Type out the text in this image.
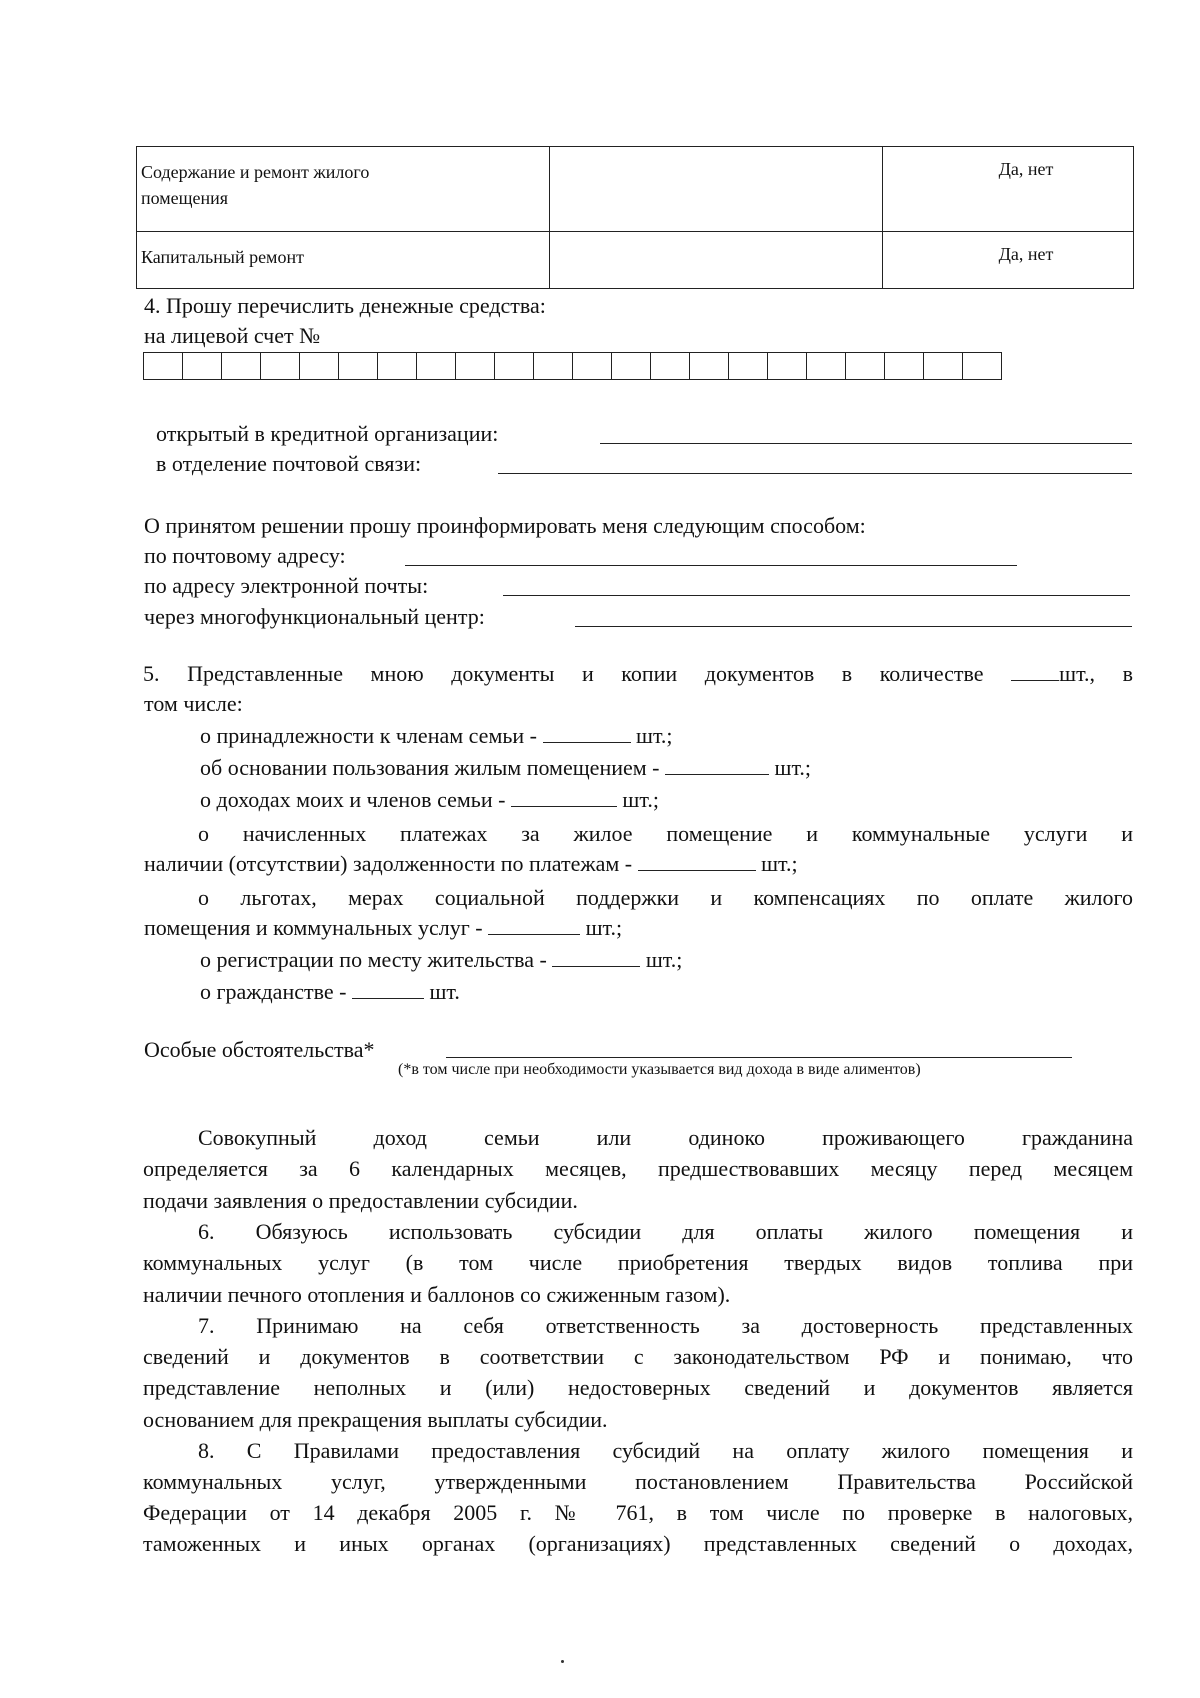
Содержание и ремонт жилого
помещения		Да, нет
Капитальный ремонт		Да, нет
4. Прошу перечислить денежные средства:
на лицевой счет №
открытый в кредитной организации:
в отделение почтовой связи:
О принятом решении прошу проинформировать меня следующим способом:
по почтовому адресу:
по адресу электронной почты:
через многофункциональный центр:
5. Представленные мною документы и копии документов в количестве	шт., в
том числе:
о принадлежности к членам семьи -	шт.;
об основании пользования жилым помещением -	шт.;
о доходах моих и членов семьи -	шт.;
о начисленных платежах за жилое помещение и коммунальные услуги и
наличии (отсутствии) задолженности по платежам -	шт.;
о льготах, мерах социальной поддержки и компенсациях по оплате жилого
помещения и коммунальных услуг -	шт.;
о регистрации по месту жительства -	шт.;
о гражданстве -	шт.
Особые обстоятельства*
(*в том числе при необходимости указывается вид дохода в виде алиментов)
Совокупный доход семьи или одиноко проживающего гражданина
определяется за 6 календарных месяцев, предшествовавших месяцу перед месяцем
подачи заявления о предоставлении субсидии.
6. Обязуюсь использовать субсидии для оплаты жилого помещения и
коммунальных услуг (в том числе приобретения твердых видов топлива при
наличии печного отопления и баллонов со сжиженным газом).
7. Принимаю на себя ответственность за достоверность представленных
сведений и документов в соответствии с законодательством РФ и понимаю, что
представление неполных и (или) недостоверных сведений и документов является
основанием для прекращения выплаты субсидии.
8. С Правилами предоставления субсидий на оплату жилого помещения и
коммунальных услуг, утвержденными постановлением Правительства Российской
Федерации от 14 декабря 2005 г. № 761, в том числе по проверке в налоговых,
таможенных и иных органах (организациях) представленных сведений о доходах,
